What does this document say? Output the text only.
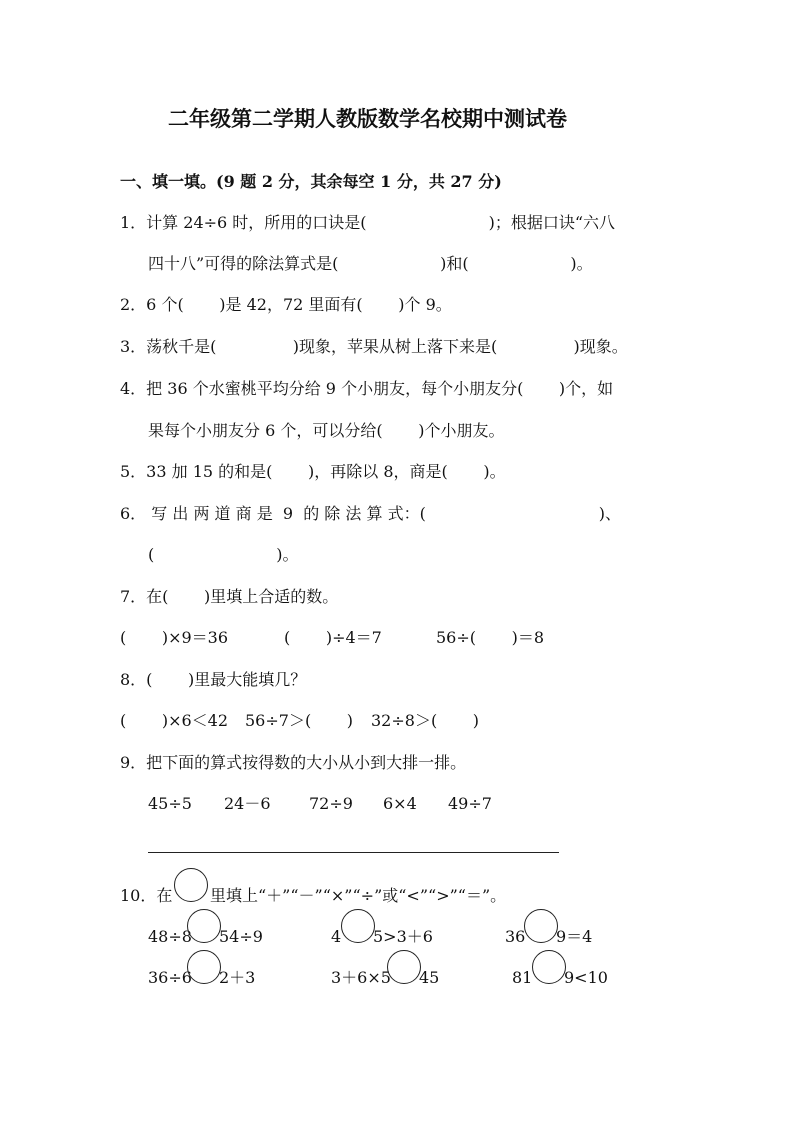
二年级第二学期人教版数学名校期中测试卷
一、填一填。(9 题 2 分，其余每空 1 分，共 27 分)
1．计算 24÷6 时，所用的口诀是(                        )；根据口诀“六八
四十八”可得的除法算式是(                    )和(                    )。
2．6 个(       )是 42，72 里面有(       )个 9。
3．荡秋千是(               )现象，苹果从树上落下来是(               )现象。
4．把 36 个水蜜桃平均分给 9 个小朋友，每个小朋友分(       )个，如
果每个小朋友分 6 个，可以分给(       )个小朋友。
5．33 加 15 的和是(       )，再除以 8，商是(       )。
6． 写 出 两 道 商 是  9  的 除 法 算 式：(                                  )、
(                        )。
7．在(       )里填上合适的数。
(       )×9＝36	(       )÷4＝7	56÷(       )＝8
8．(       )里最大能填几？
(       )×6＜42 56÷7＞(       ) 32÷8＞(       )
9．把下面的算式按得数的大小从小到大排一排。
45÷5 24－6 72÷9 6×4 49÷7
10．在 里填上“＋”“－”“×”“÷”或“<”“>”“＝”。
48÷8 54÷9	4 5>3＋6	36 9＝4
36÷6 2＋3	3＋6×5 45	81 9<10
